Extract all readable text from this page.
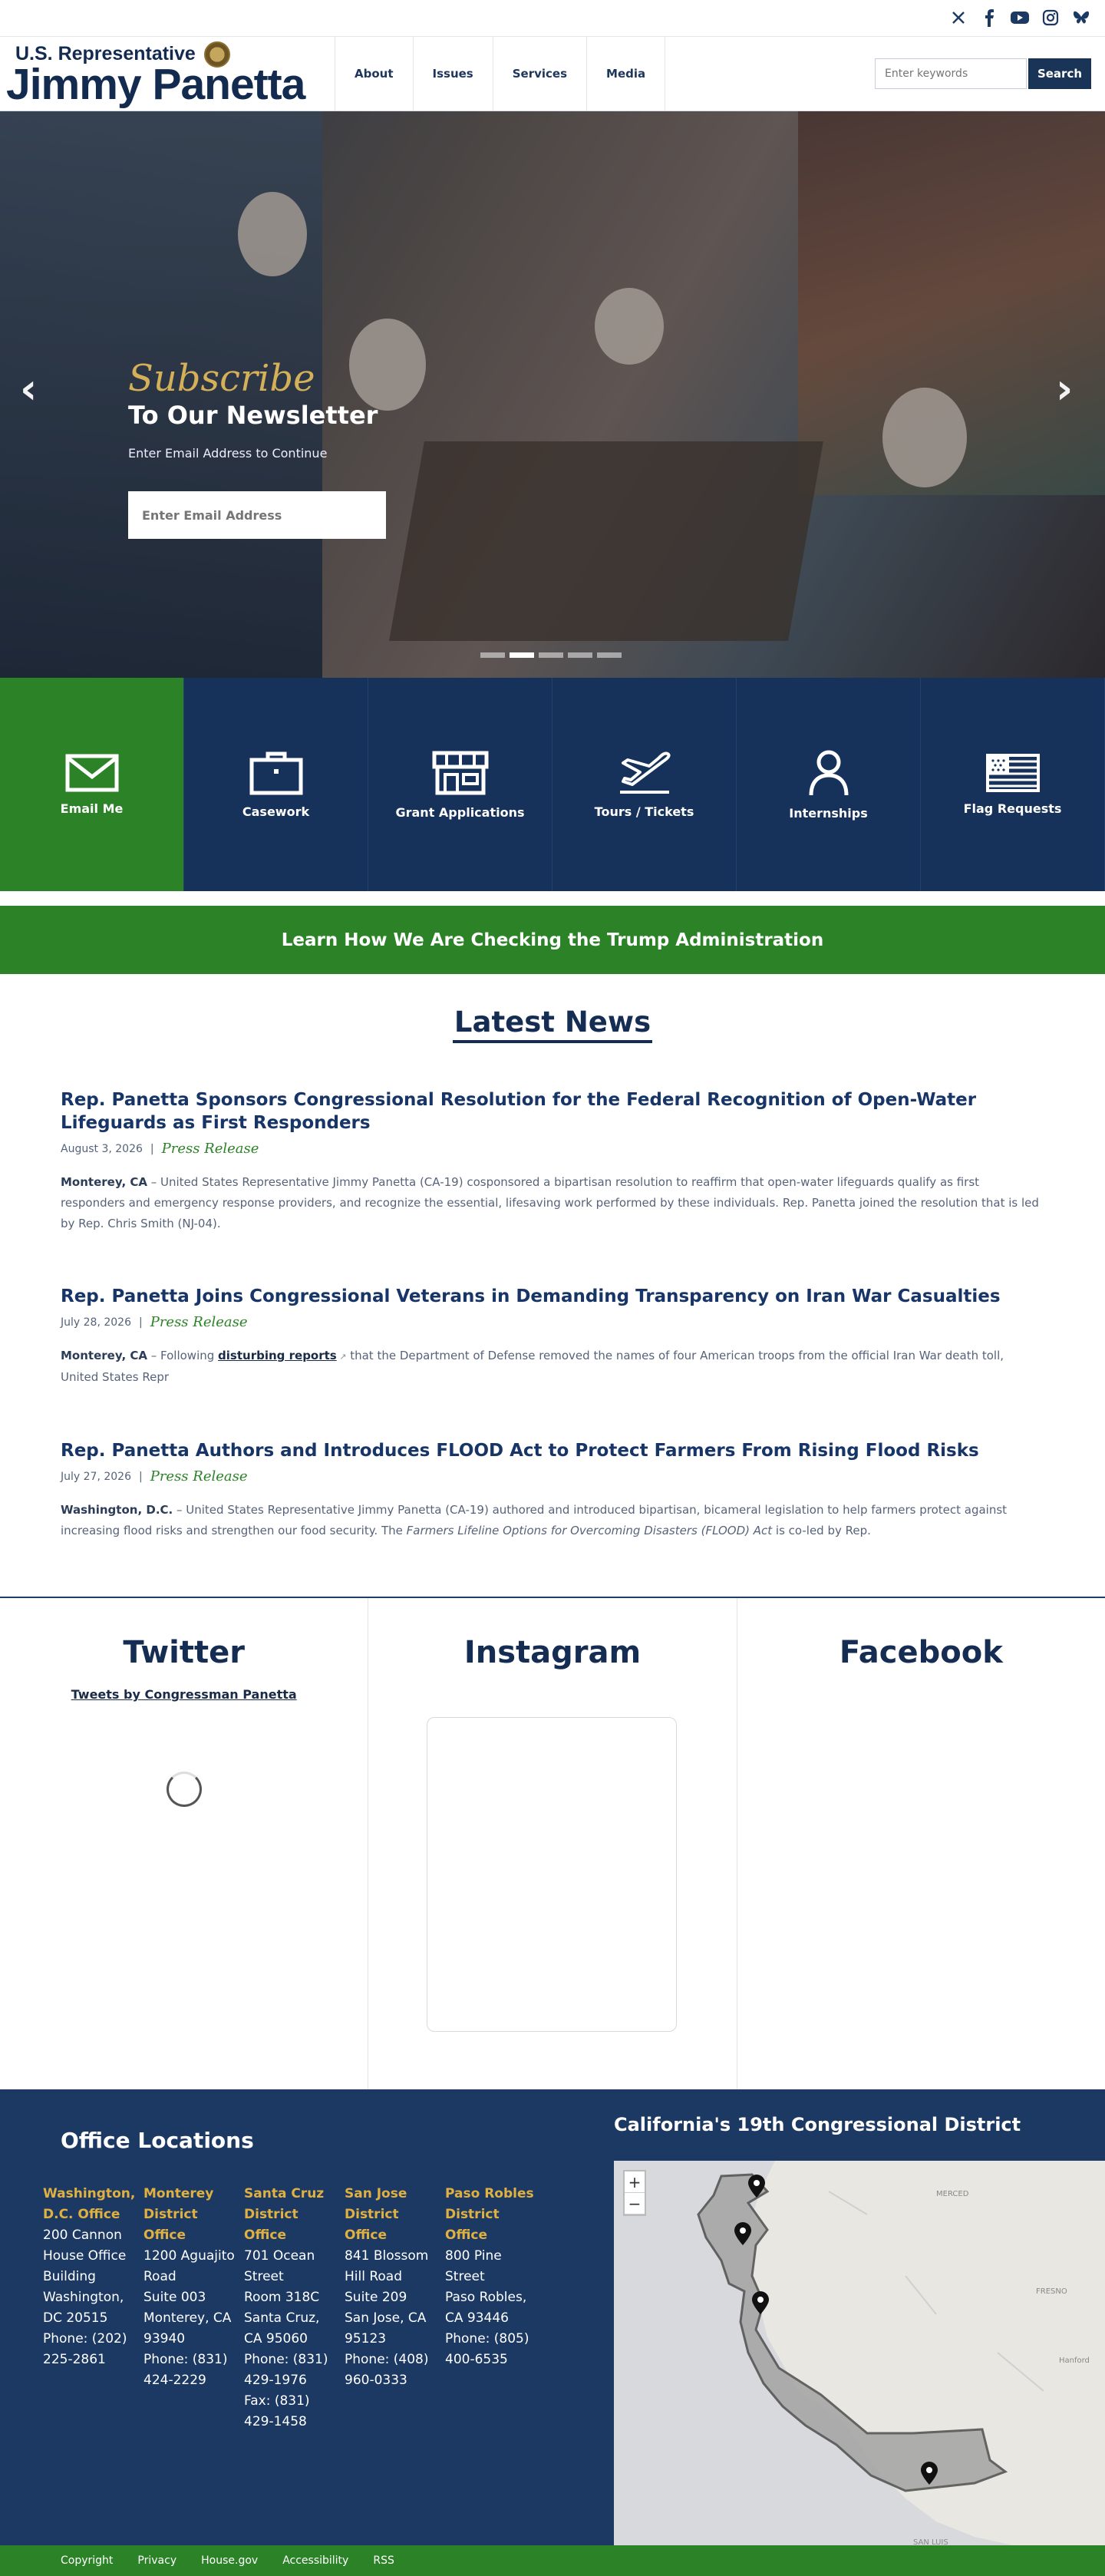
U.S. Representative
Jimmy Panetta	About	Issues	Services	Media
Enter keywords	Search
‹	›
Subscribe
To Our Newsletter
Enter Email Address to Continue
Enter Email Address
Email Me	Casework	Grant Applications	Tours / Tickets	Internships	Flag Requests
Learn How We Are Checking the Trump Administration
Latest News
Rep. Panetta Sponsors Congressional Resolution for the Federal Recognition of Open-Water Lifeguards as First Responders
August 3, 2026 | Press Release

Monterey, CA – United States Representative Jimmy Panetta (CA-19) cosponsored a bipartisan resolution to reaffirm that open-water lifeguards qualify as first responders and emergency response providers, and recognize the essential, lifesaving work performed by these individuals. Rep. Panetta joined the resolution that is led by Rep. Chris Smith (NJ-04).

Rep. Panetta Joins Congressional Veterans in Demanding Transparency on Iran War Casualties
July 28, 2026 | Press Release

Monterey, CA – Following disturbing reports ↗ that the Department of Defense removed the names of four American troops from the official Iran War death toll, United States Repr

Rep. Panetta Authors and Introduces FLOOD Act to Protect Farmers From Rising Flood Risks
July 27, 2026 | Press Release

Washington, D.C. – United States Representative Jimmy Panetta (CA-19) authored and introduced bipartisan, bicameral legislation to help farmers protect against increasing flood risks and strengthen our food security. The Farmers Lifeline Options for Overcoming Disasters (FLOOD) Act is co-led by Rep.

Twitter
Tweets by Congressman Panetta
Instagram	Facebook
Office Locations
Washington, D.C. Office
200 Cannon House Office Building
Washington, DC 20515
Phone: (202) 225-2861
Monterey District Office
1200 Aguajito Road
Suite 003
Monterey, CA 93940
Phone: (831) 424-2229
Santa Cruz District Office
701 Ocean Street
Room 318C
Santa Cruz, CA 95060
Phone: (831) 429-1976
Fax: (831) 429-1458
San Jose District Office
841 Blossom Hill Road
Suite 209
San Jose, CA 95123
Phone: (408) 960-0333
Paso Robles District Office
800 Pine Street
Paso Robles, CA 93446
Phone: (805) 400-6535
California's 19th Congressional District
MERCED
FRESNO
Hanford
SAN LUIS
+
−
Copyright Privacy House.gov Accessibility RSS
